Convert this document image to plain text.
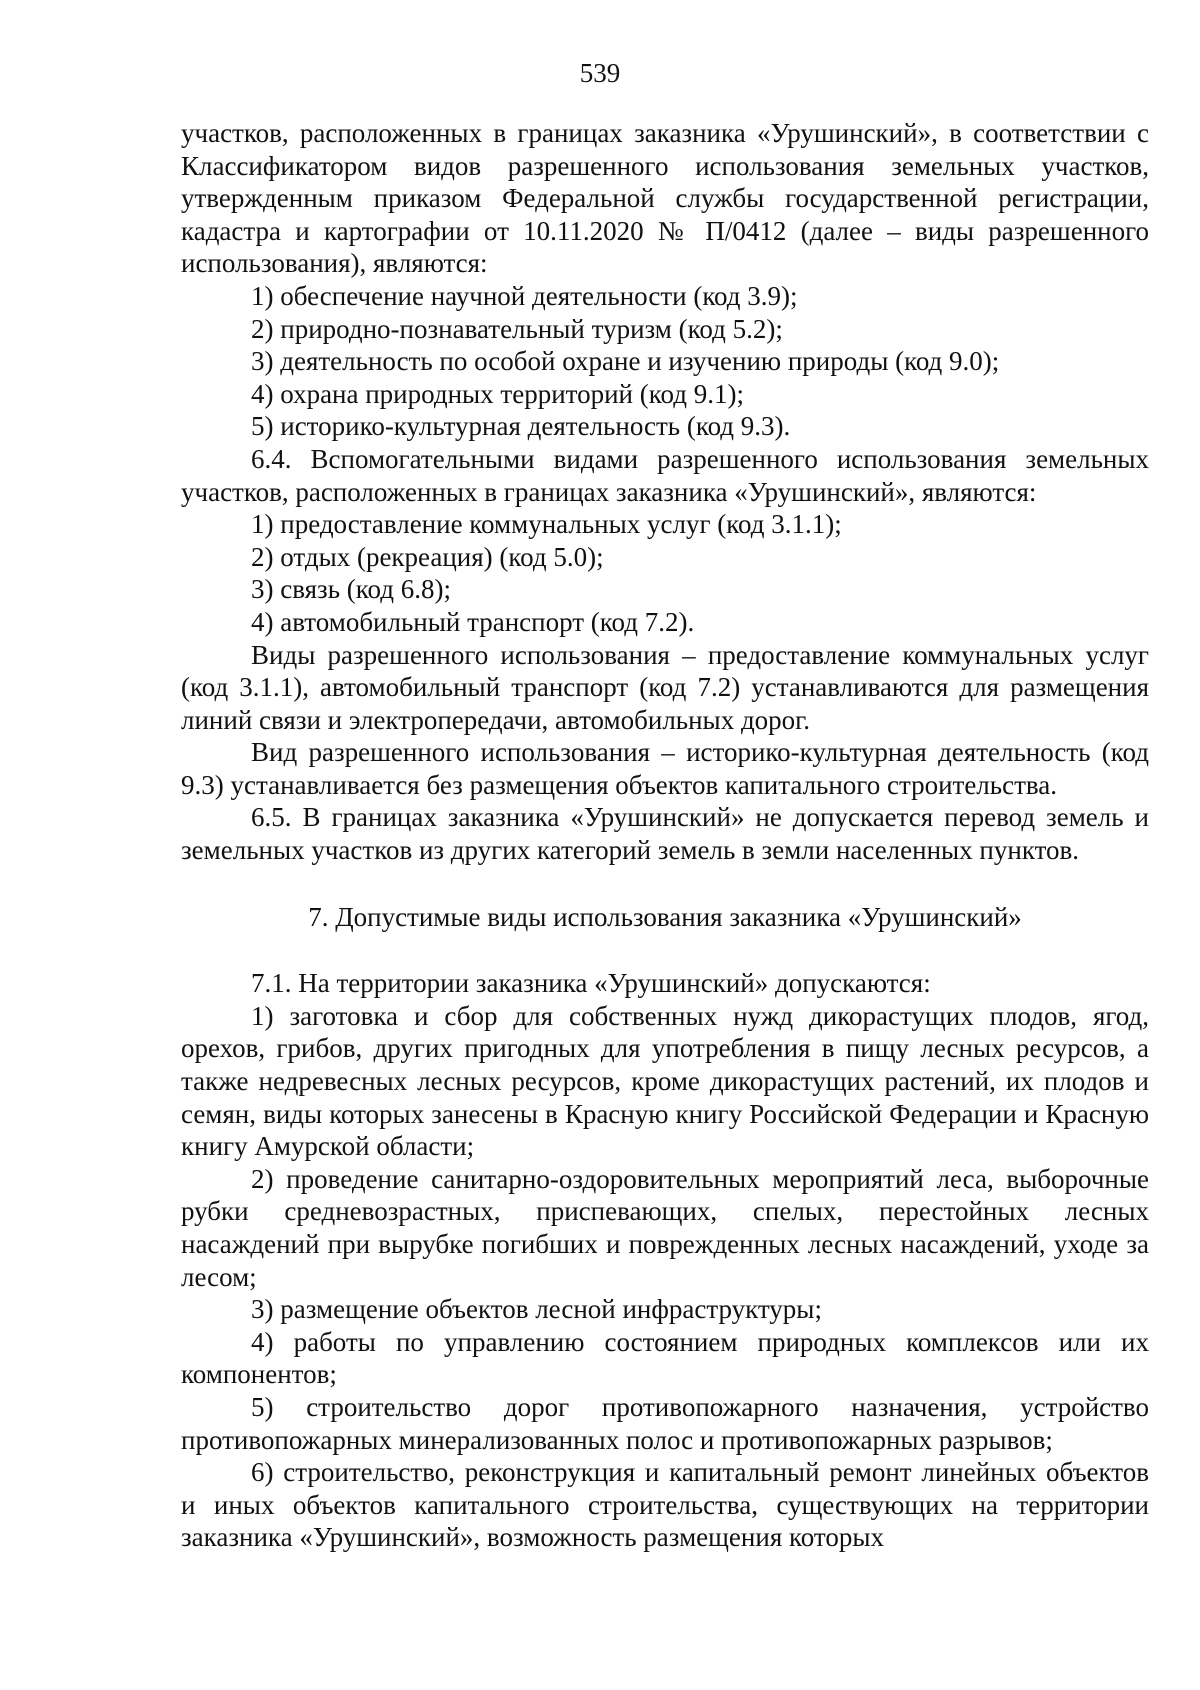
539

участков, расположенных в границах заказника «Урушинский», в соответствии с Классификатором видов разрешенного использования земельных участков, утвержденным приказом Федеральной службы государственной регистрации, кадастра и картографии от 10.11.2020 № П/0412 (далее – виды разрешенного использования), являются:

1) обеспечение научной деятельности (код 3.9);

2) природно-познавательный туризм (код 5.2);

3) деятельность по особой охране и изучению природы (код 9.0);

4) охрана природных территорий (код 9.1);

5) историко-культурная деятельность (код 9.3).

6.4. Вспомогательными видами разрешенного использования земельных участков, расположенных в границах заказника «Урушинский», являются:

1) предоставление коммунальных услуг (код 3.1.1);

2) отдых (рекреация) (код 5.0);

3) связь (код 6.8);

4) автомобильный транспорт (код 7.2).

Виды разрешенного использования – предоставление коммунальных услуг (код 3.1.1), автомобильный транспорт (код 7.2) устанавливаются для размещения линий связи и электропередачи, автомобильных дорог.

Вид разрешенного использования – историко-культурная деятельность (код 9.3) устанавливается без размещения объектов капитального строительства.

6.5. В границах заказника «Урушинский» не допускается перевод земель и земельных участков из других категорий земель в земли населенных пунктов.

7. Допустимые виды использования заказника «Урушинский»

7.1. На территории заказника «Урушинский» допускаются:

1) заготовка и сбор для собственных нужд дикорастущих плодов, ягод, орехов, грибов, других пригодных для употребления в пищу лесных ресурсов, а также недревесных лесных ресурсов, кроме дикорастущих растений, их плодов и семян, виды которых занесены в Красную книгу Российской Федерации и Красную книгу Амурской области;

2) проведение санитарно-оздоровительных мероприятий леса, выборочные рубки средневозрастных, приспевающих, спелых, перестойных лесных насаждений при вырубке погибших и поврежденных лесных насаждений, уходе за лесом;

3) размещение объектов лесной инфраструктуры;

4) работы по управлению состоянием природных комплексов или их компонентов;

5) строительство дорог противопожарного назначения, устройство противопожарных минерализованных полос и противопожарных разрывов;

6) строительство, реконструкция и капитальный ремонт линейных объектов и иных объектов капитального строительства, существующих на территории заказника «Урушинский», возможность размещения которых
